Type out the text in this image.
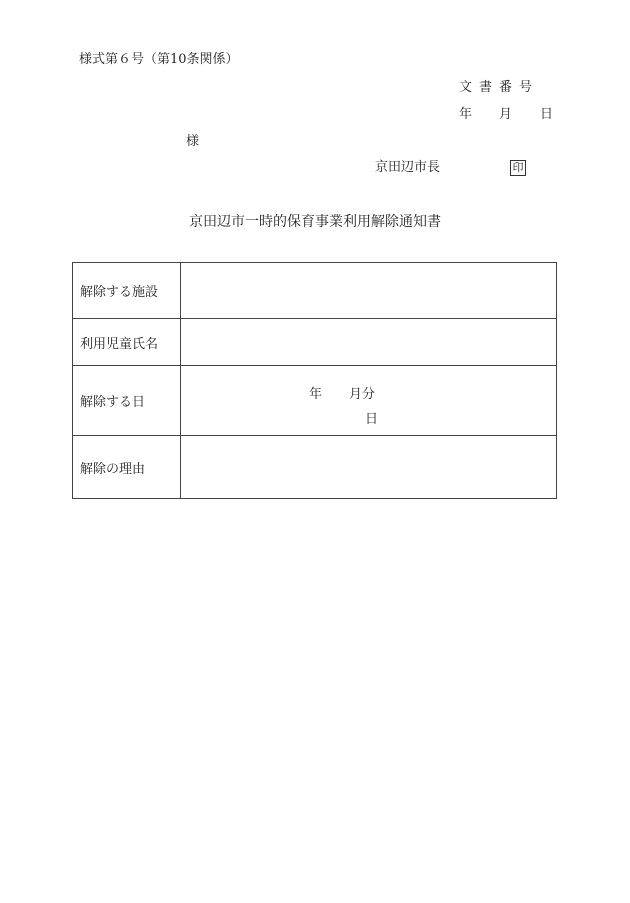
様式第６号（第10条関係）
文書番号
年 月 日
様
京田辺市長	印
京田辺市一時的保育事業利用解除通知書
解除する施設	
利用児童氏名	
解除する日	年 月分
日

解除の理由	
